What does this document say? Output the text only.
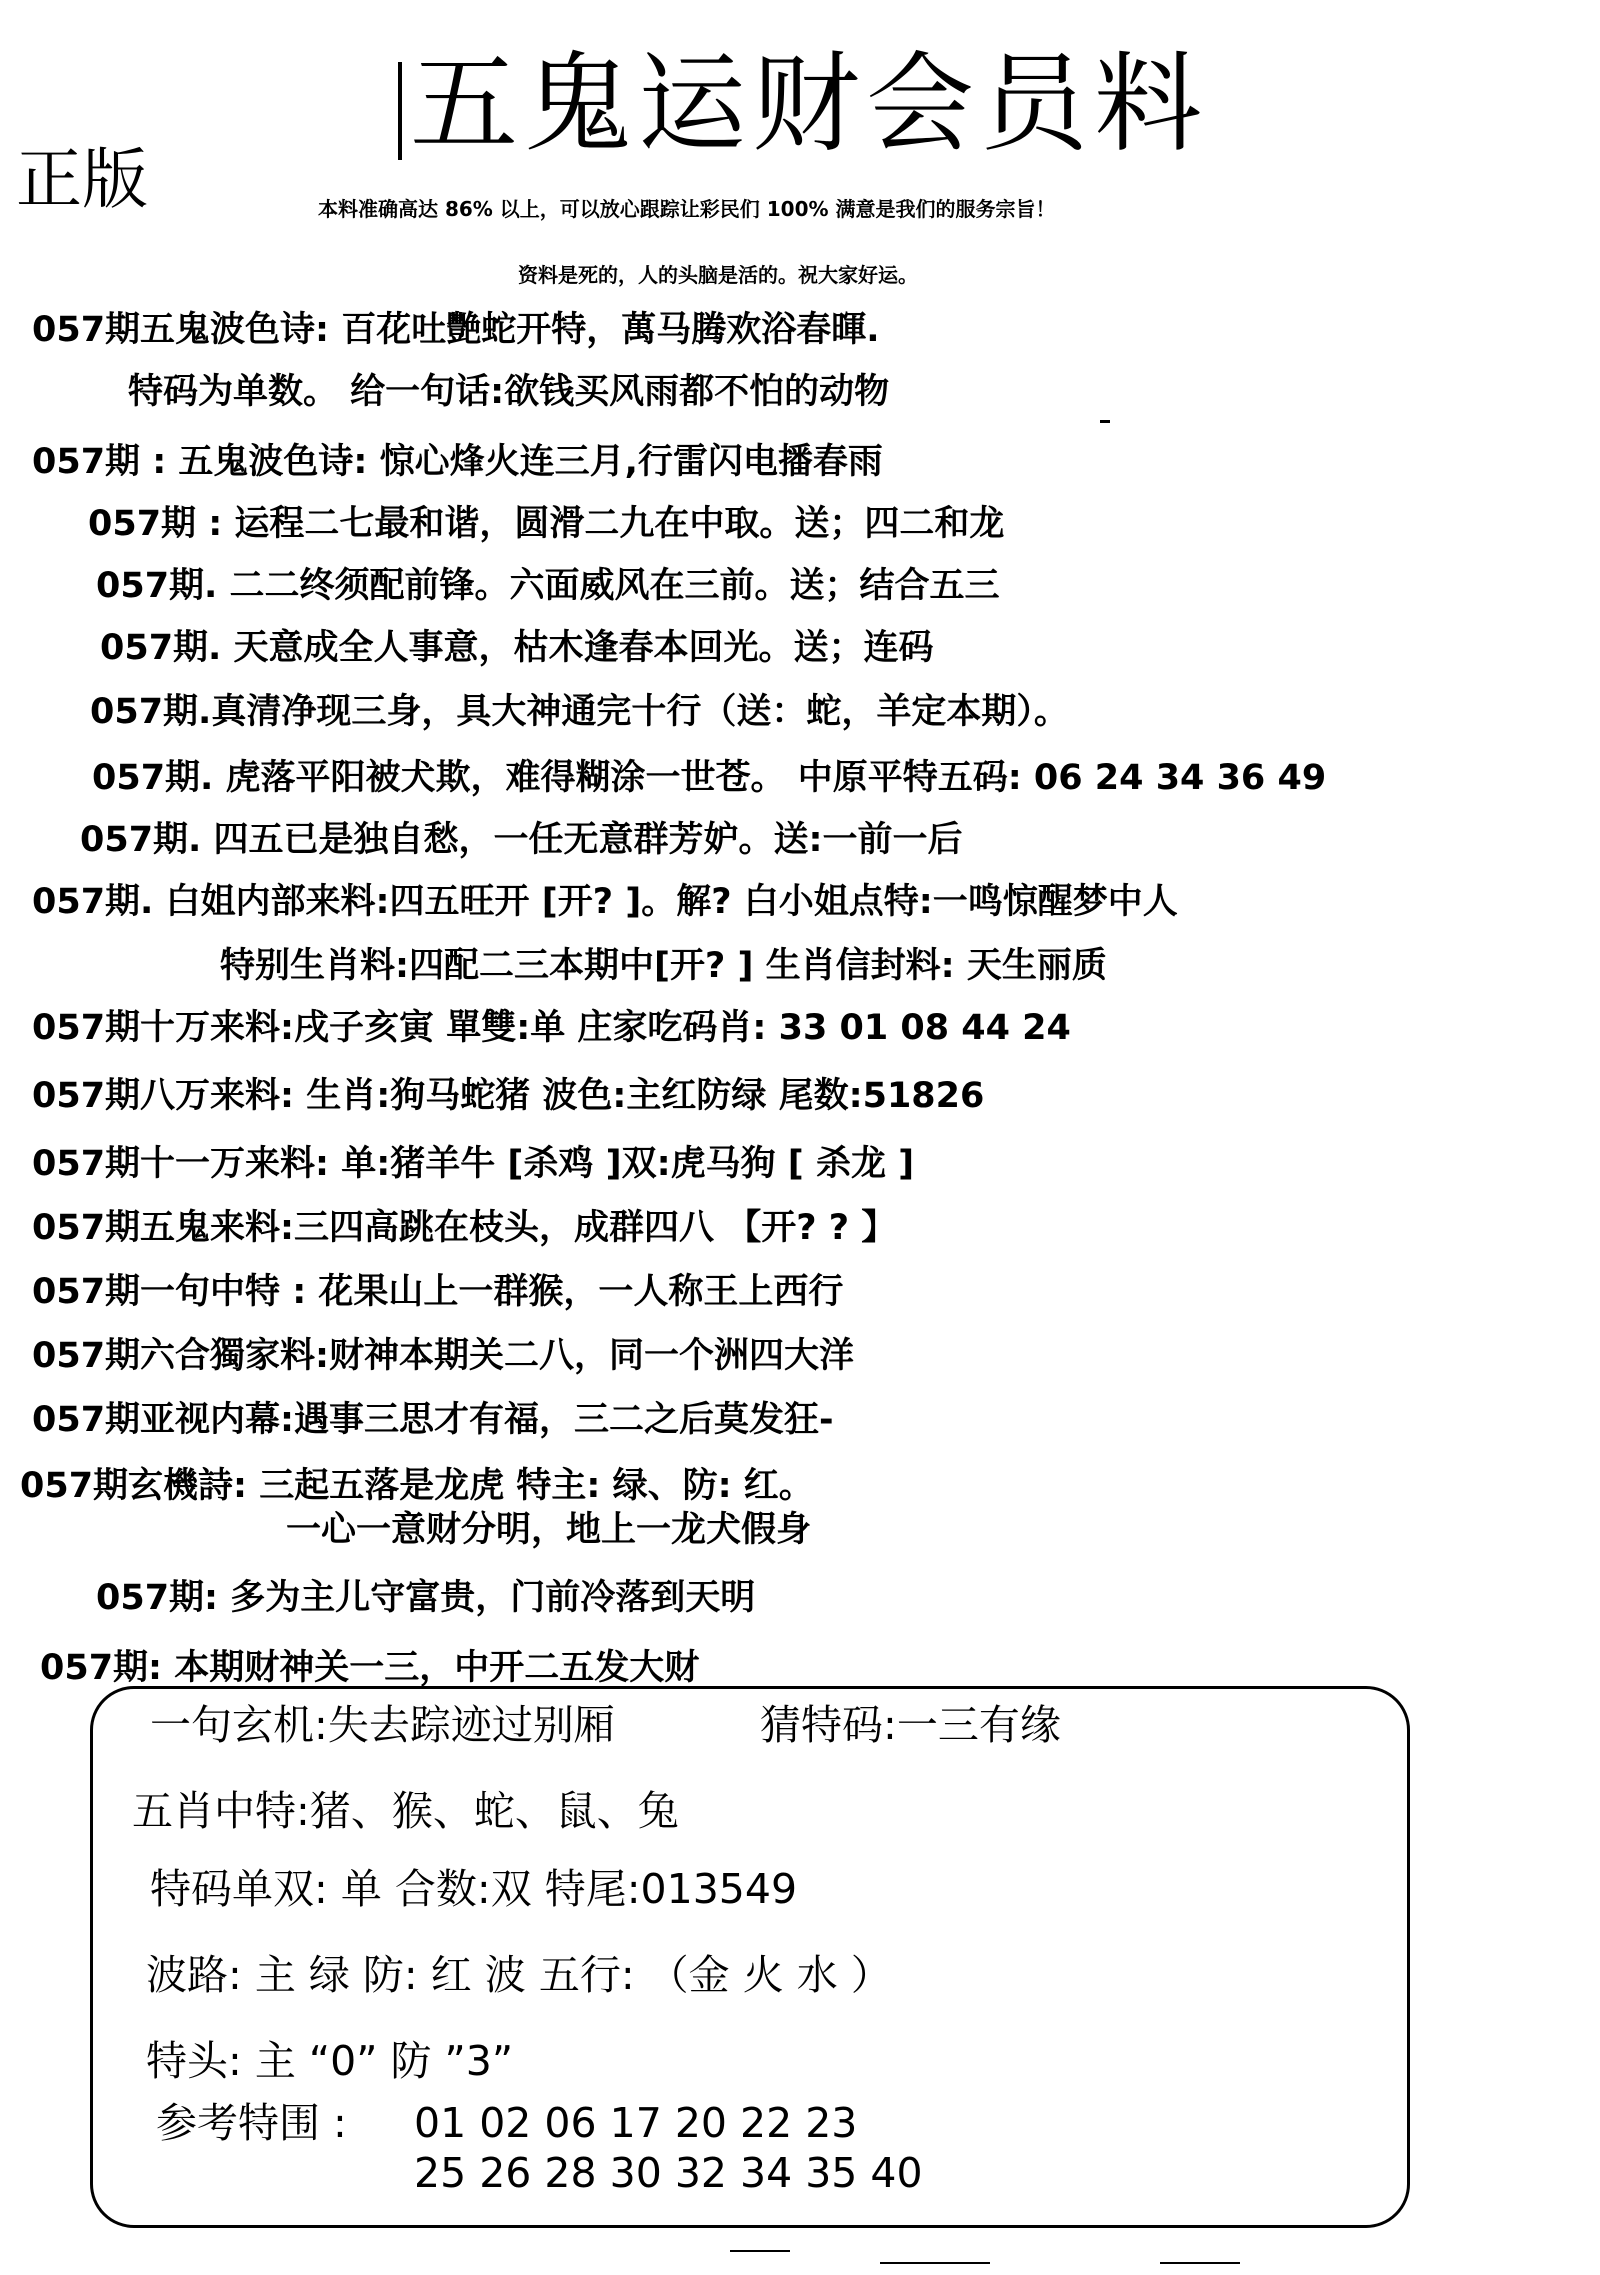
五鬼运财会员料
正版	本料准确高达 86% 以上，可以放心跟踪让彩民们 100% 满意是我们的服务宗旨！
资料是死的，人的头脑是活的。祝大家好运。
057期五鬼波色诗: 百花吐艷蛇开特，萬马腾欢浴春暉.
特码为单数。 给一句话:欲钱买风雨都不怕的动物
057期 : 五鬼波色诗: 惊心烽火连三月,行雷闪电播春雨
057期 : 运程二七最和谐，圆滑二九在中取。送；四二和龙
057期. 二二终须配前锋。六面威风在三前。送；结合五三
057期. 天意成全人事意，枯木逢春本回光。送；连码
057期.真清净现三身，具大神通完十行（送：蛇，羊定本期）。
057期. 虎落平阳被犬欺，难得糊涂一世苍。 中原平特五码: 06 24 34 36 49
057期. 四五已是独自愁，一任无意群芳妒。送:一前一后
057期. 白姐内部来料:四五旺开 [开? ]。解? 白小姐点特:一鸣惊醒梦中人
特别生肖料:四配二三本期中[开? ] 生肖信封料: 天生丽质
057期十万来料:戌子亥寅 單雙:单 庄家吃码肖: 33 01 08 44 24
057期八万来料: 生肖:狗马蛇猪 波色:主红防绿 尾数:51826
057期十一万来料: 单:猪羊牛 [杀鸡 ]双:虎马狗 [ 杀龙 ]
057期五鬼来料:三四高跳在枝头，成群四八 【开? ? 】
057期一句中特 : 花果山上一群猴，一人称王上西行
057期六合獨家料:财神本期关二八，同一个洲四大洋
057期亚视内幕:遇事三思才有福，三二之后莫发狂-
057期玄機詩: 三起五落是龙虎 特主: 绿、防: 红。
一心一意财分明，地上一龙犬假身
057期: 多为主儿守富贵，门前冷落到天明
057期: 本期财神关一三，中开二五发大财
一句玄机:失去踪迹过别厢	猜特码:一三有缘
五肖中特:猪、猴、蛇、鼠、兔
特码单双: 单 合数:双 特尾:013549
波路: 主 绿 防: 红 波 五行: （金 火 水 ）
特头: 主 “0” 防 ”3”
参考特围 : 01 02 06 17 20 22 23
25 26 28 30 32 34 35 40
